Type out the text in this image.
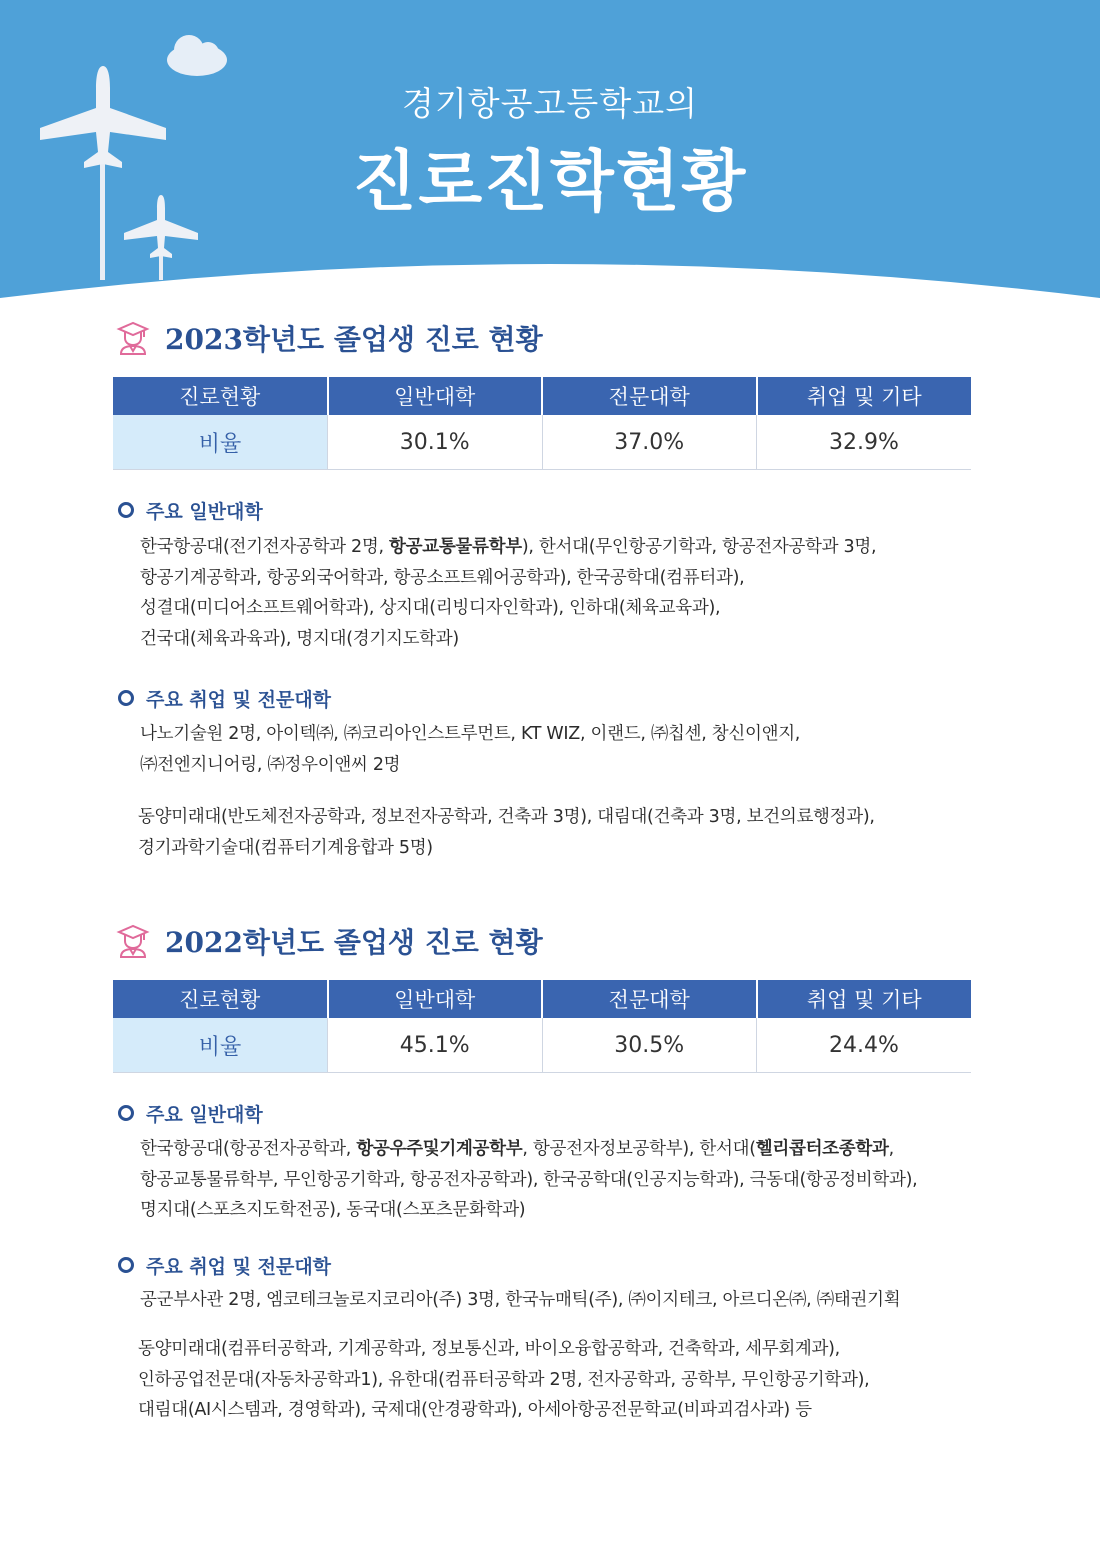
경기항공고등학교의
진로진학현황
2023학년도 졸업생 진로 현황
진로현황	일반대학	전문대학	취업 및 기타
비율	30.1%	37.0%	32.9%
주요 일반대학
한국항공대(전기전자공학과 2명, 항공교통물류학부), 한서대(무인항공기학과, 항공전자공학과 3명,
항공기계공학과, 항공외국어학과, 항공소프트웨어공학과), 한국공학대(컴퓨터과),
성결대(미디어소프트웨어학과), 상지대(리빙디자인학과), 인하대(체육교육과),
건국대(체육과육과), 명지대(경기지도학과)
주요 취업 및 전문대학
나노기술원 2명, 아이텍㈜, ㈜코리아인스트루먼트, KT WIZ, 이랜드, ㈜칩센, 창신이앤지,
㈜전엔지니어링, ㈜정우이앤씨 2명
동양미래대(반도체전자공학과, 정보전자공학과, 건축과 3명), 대림대(건축과 3명, 보건의료행정과),
경기과학기술대(컴퓨터기계융합과 5명)
2022학년도 졸업생 진로 현황
진로현황	일반대학	전문대학	취업 및 기타
비율	45.1%	30.5%	24.4%
주요 일반대학
한국항공대(항공전자공학과, 항공우주및기계공학부, 항공전자정보공학부), 한서대(헬리콥터조종학과,
항공교통물류학부, 무인항공기학과, 항공전자공학과), 한국공학대(인공지능학과), 극동대(항공정비학과),
명지대(스포츠지도학전공), 동국대(스포츠문화학과)
주요 취업 및 전문대학
공군부사관 2명, 엠코테크놀로지코리아(주) 3명, 한국뉴매틱(주), ㈜이지테크, 아르디온㈜, ㈜태권기획
동양미래대(컴퓨터공학과, 기계공학과, 정보통신과, 바이오융합공학과, 건축학과, 세무회계과),
인하공업전문대(자동차공학과1), 유한대(컴퓨터공학과 2명, 전자공학과, 공학부, 무인항공기학과),
대림대(AI시스템과, 경영학과), 국제대(안경광학과), 아세아항공전문학교(비파괴검사과) 등
